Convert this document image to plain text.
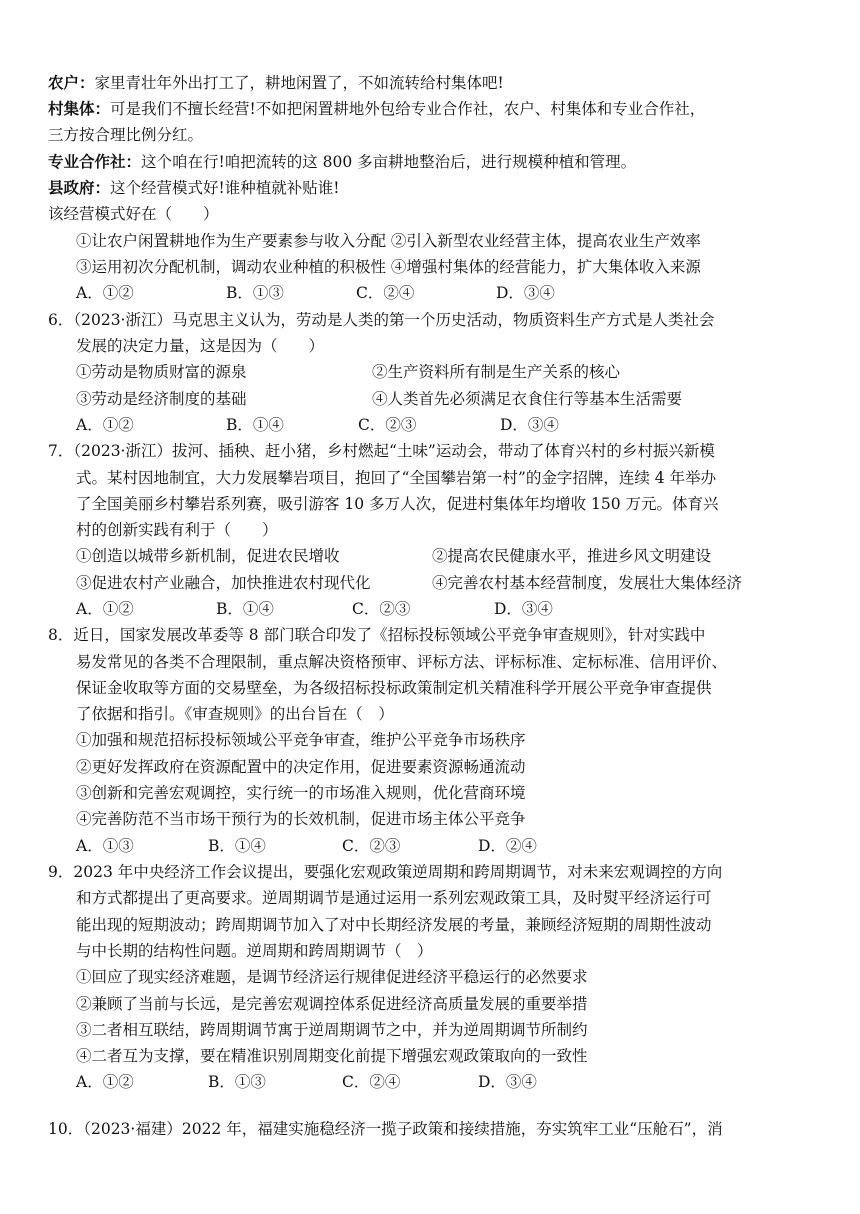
农户：家里青壮年外出打工了，耕地闲置了，不如流转给村集体吧!
村集体：可是我们不擅长经营!不如把闲置耕地外包给专业合作社，农户、村集体和专业合作社，
三方按合理比例分红。
专业合作社：这个咱在行!咱把流转的这 800 多亩耕地整治后，进行规模种植和管理。
县政府：这个经营模式好!谁种植就补贴谁!
该经营模式好在（　　）
①让农户闲置耕地作为生产要素参与收入分配 ②引入新型农业经营主体，提高农业生产效率
③运用初次分配机制，调动农业种植的积极性 ④增强村集体的经营能力，扩大集体收入来源
A．①②	B．①③	C．②④	D．③④
6．（2023·浙江）马克思主义认为，劳动是人类的第一个历史活动，物质资料生产方式是人类社会
发展的决定力量，这是因为（　　）
①劳动是物质财富的源泉	②生产资料所有制是生产关系的核心
③劳动是经济制度的基础	④人类首先必须满足衣食住行等基本生活需要
A．①②	B．①④	C．②③	D．③④
7．（2023·浙江）拔河、插秧、赶小猪，乡村燃起“土味”运动会，带动了体育兴村的乡村振兴新模
式。某村因地制宜，大力发展攀岩项目，抱回了“全国攀岩第一村”的金字招牌，连续 4 年举办
了全国美丽乡村攀岩系列赛，吸引游客 10 多万人次，促进村集体年均增收 150 万元。体育兴
村的创新实践有利于（　　）
①创造以城带乡新机制，促进农民增收	②提高农民健康水平，推进乡风文明建设
③促进农村产业融合，加快推进农村现代化	④完善农村基本经营制度，发展壮大集体经济
A．①②	B．①④	C．②③	D．③④
8．近日，国家发展改革委等 8 部门联合印发了《招标投标领域公平竞争审查规则》，针对实践中
易发常见的各类不合理限制，重点解决资格预审、评标方法、评标标准、定标标准、信用评价、
保证金收取等方面的交易壁垒，为各级招标投标政策制定机关精准科学开展公平竞争审查提供
了依据和指引。《审查规则》的出台旨在（　）
①加强和规范招标投标领域公平竞争审查，维护公平竞争市场秩序
②更好发挥政府在资源配置中的决定作用，促进要素资源畅通流动
③创新和完善宏观调控，实行统一的市场准入规则，优化营商环境
④完善防范不当市场干预行为的长效机制，促进市场主体公平竞争
A．①③	B．①④	C．②③	D．②④
9．2023 年中央经济工作会议提出，要强化宏观政策逆周期和跨周期调节，对未来宏观调控的方向
和方式都提出了更高要求。逆周期调节是通过运用一系列宏观政策工具，及时熨平经济运行可
能出现的短期波动；跨周期调节加入了对中长期经济发展的考量，兼顾经济短期的周期性波动
与中长期的结构性问题。逆周期和跨周期调节（　）
①回应了现实经济难题，是调节经济运行规律促进经济平稳运行的必然要求
②兼顾了当前与长远，是完善宏观调控体系促进经济高质量发展的重要举措
③二者相互联结，跨周期调节寓于逆周期调节之中，并为逆周期调节所制约
④二者互为支撑，要在精准识别周期变化前提下增强宏观政策取向的一致性
A．①②	B．①③	C．②④	D．③④
10．（2023·福建）2022 年，福建实施稳经济一揽子政策和接续措施，夯实筑牢工业“压舱石”，消
